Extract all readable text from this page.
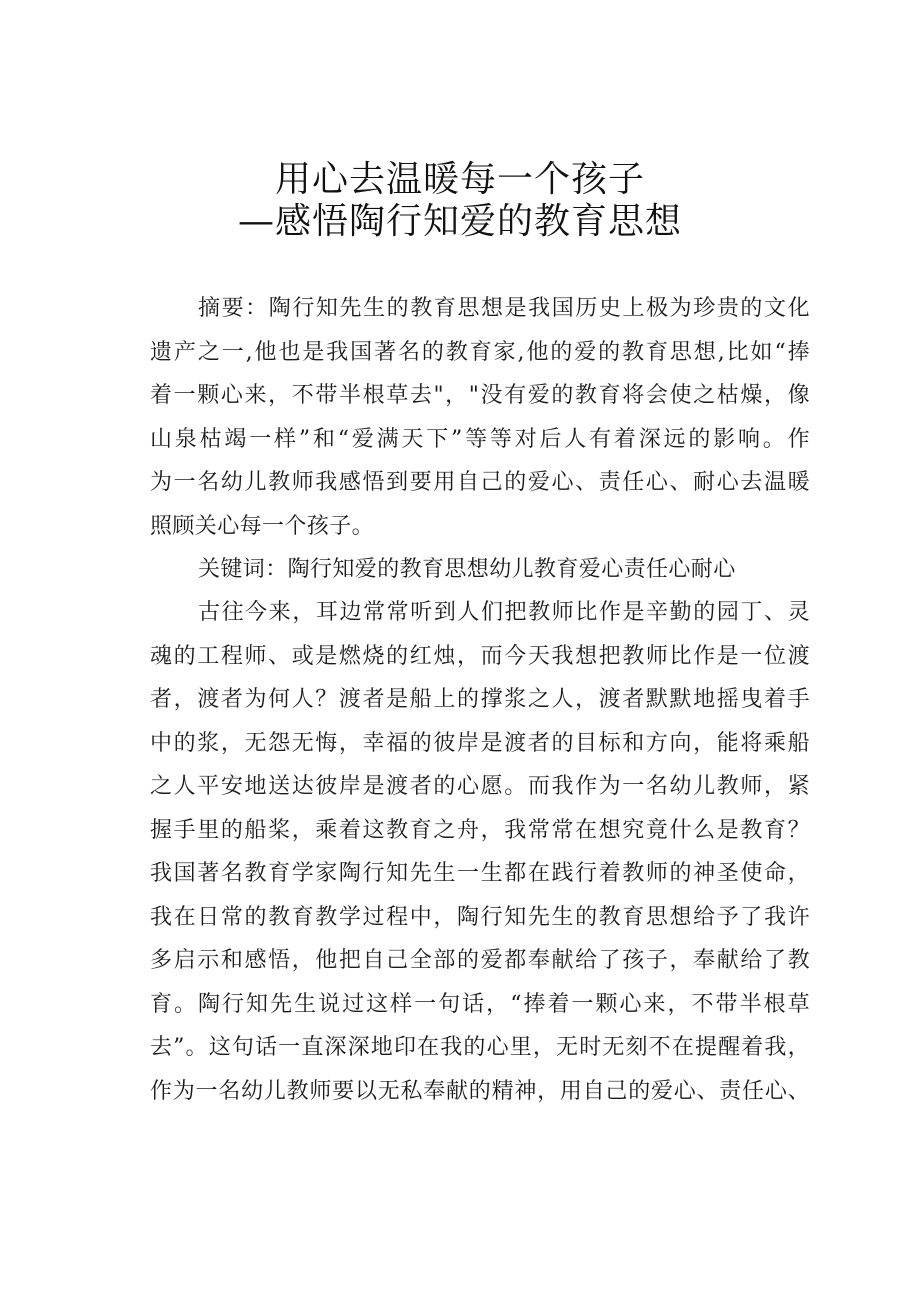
用心去温暖每一个孩子
—感悟陶行知爱的教育思想
摘要：陶行知先生的教育思想是我国历史上极为珍贵的文化
遗产之一,他也是我国著名的教育家,他的爱的教育思想,比如“捧
着一颗心来，不带半根草去"，"没有爱的教育将会使之枯燥，像
山泉枯竭一样”和“爱满天下”等等对后人有着深远的影响。作
为一名幼儿教师我感悟到要用自己的爱心、责任心、耐心去温暖
照顾关心每一个孩子。
关键词：陶行知爱的教育思想幼儿教育爱心责任心耐心
古往今来，耳边常常听到人们把教师比作是辛勤的园丁、灵
魂的工程师、或是燃烧的红烛，而今天我想把教师比作是一位渡
者，渡者为何人？渡者是船上的撑浆之人，渡者默默地摇曳着手
中的浆，无怨无悔，幸福的彼岸是渡者的目标和方向，能将乘船
之人平安地送达彼岸是渡者的心愿。而我作为一名幼儿教师，紧
握手里的船桨，乘着这教育之舟，我常常在想究竟什么是教育？
我国著名教育学家陶行知先生一生都在践行着教师的神圣使命，
我在日常的教育教学过程中，陶行知先生的教育思想给予了我许
多启示和感悟，他把自己全部的爱都奉献给了孩子，奉献给了教
育。陶行知先生说过这样一句话，“捧着一颗心来，不带半根草
去”。这句话一直深深地印在我的心里，无时无刻不在提醒着我，
作为一名幼儿教师要以无私奉献的精神，用自己的爱心、责任心、
